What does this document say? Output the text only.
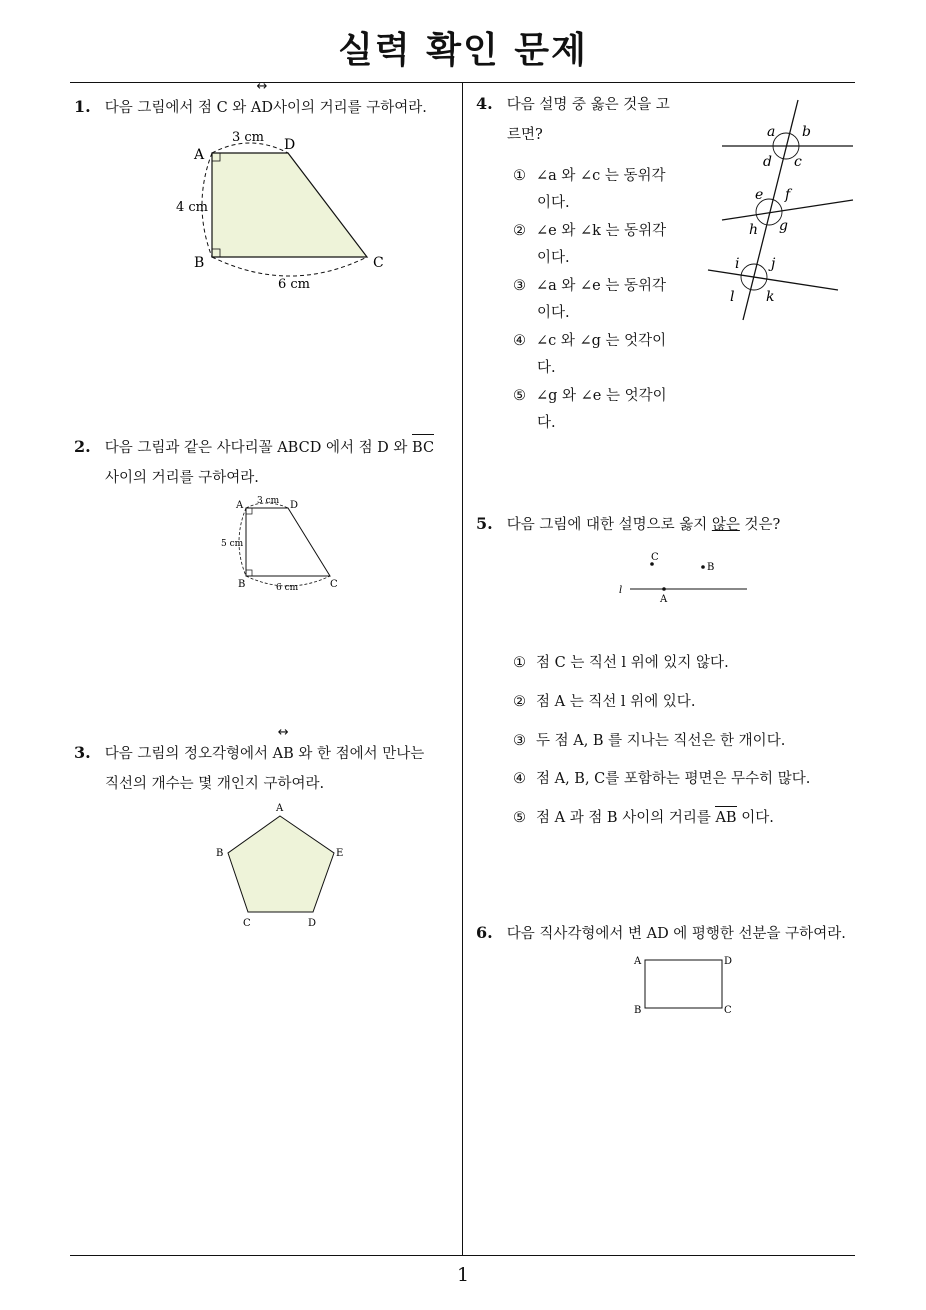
실력 확인 문제
1
1. 다음 그림에서 점 C 와 ↔ AD사이의 거리를 구하여라.
A
B	C
D
3 cm
4 cm
6 cm
2. 다음 그림과 같은 사다리꼴 ABCD 에서 점 D 와 BC
사이의 거리를 구하여라.
A
B	C
D
3 cm
5 cm
6 cm
3. 다음 그림의 정오각형에서 ↔ AB 와 한 점에서 만나는
직선의 개수는 몇 개인지 구하여라.
A
B
C	D
E
4. 다음 설명 중 옳은 것을 고
르면?
① ∠a 와 ∠c 는 동위각
이다.
② ∠e 와 ∠k 는 동위각
이다.
③ ∠a 와 ∠e 는 동위각
이다.
④ ∠c 와 ∠g 는 엇각이
다.
⑤ ∠g 와 ∠e 는 엇각이
다.
a b
c
d
e f
g
h
i j
k
l
5. 다음 그림에 대한 설명으로 옳지 않은 것은?
C
B
A
l
① 점 C 는 직선 l 위에 있지 않다.
② 점 A 는 직선 l 위에 있다.
③ 두 점 A, B 를 지나는 직선은 한 개이다.
④ 점 A, B, C를 포함하는 평면은 무수히 많다.
⑤ 점 A 과 점 B 사이의 거리를 AB 이다.
6. 다음 직사각형에서 변 AD 에 평행한 선분을 구하여라.
A
B	C
D
